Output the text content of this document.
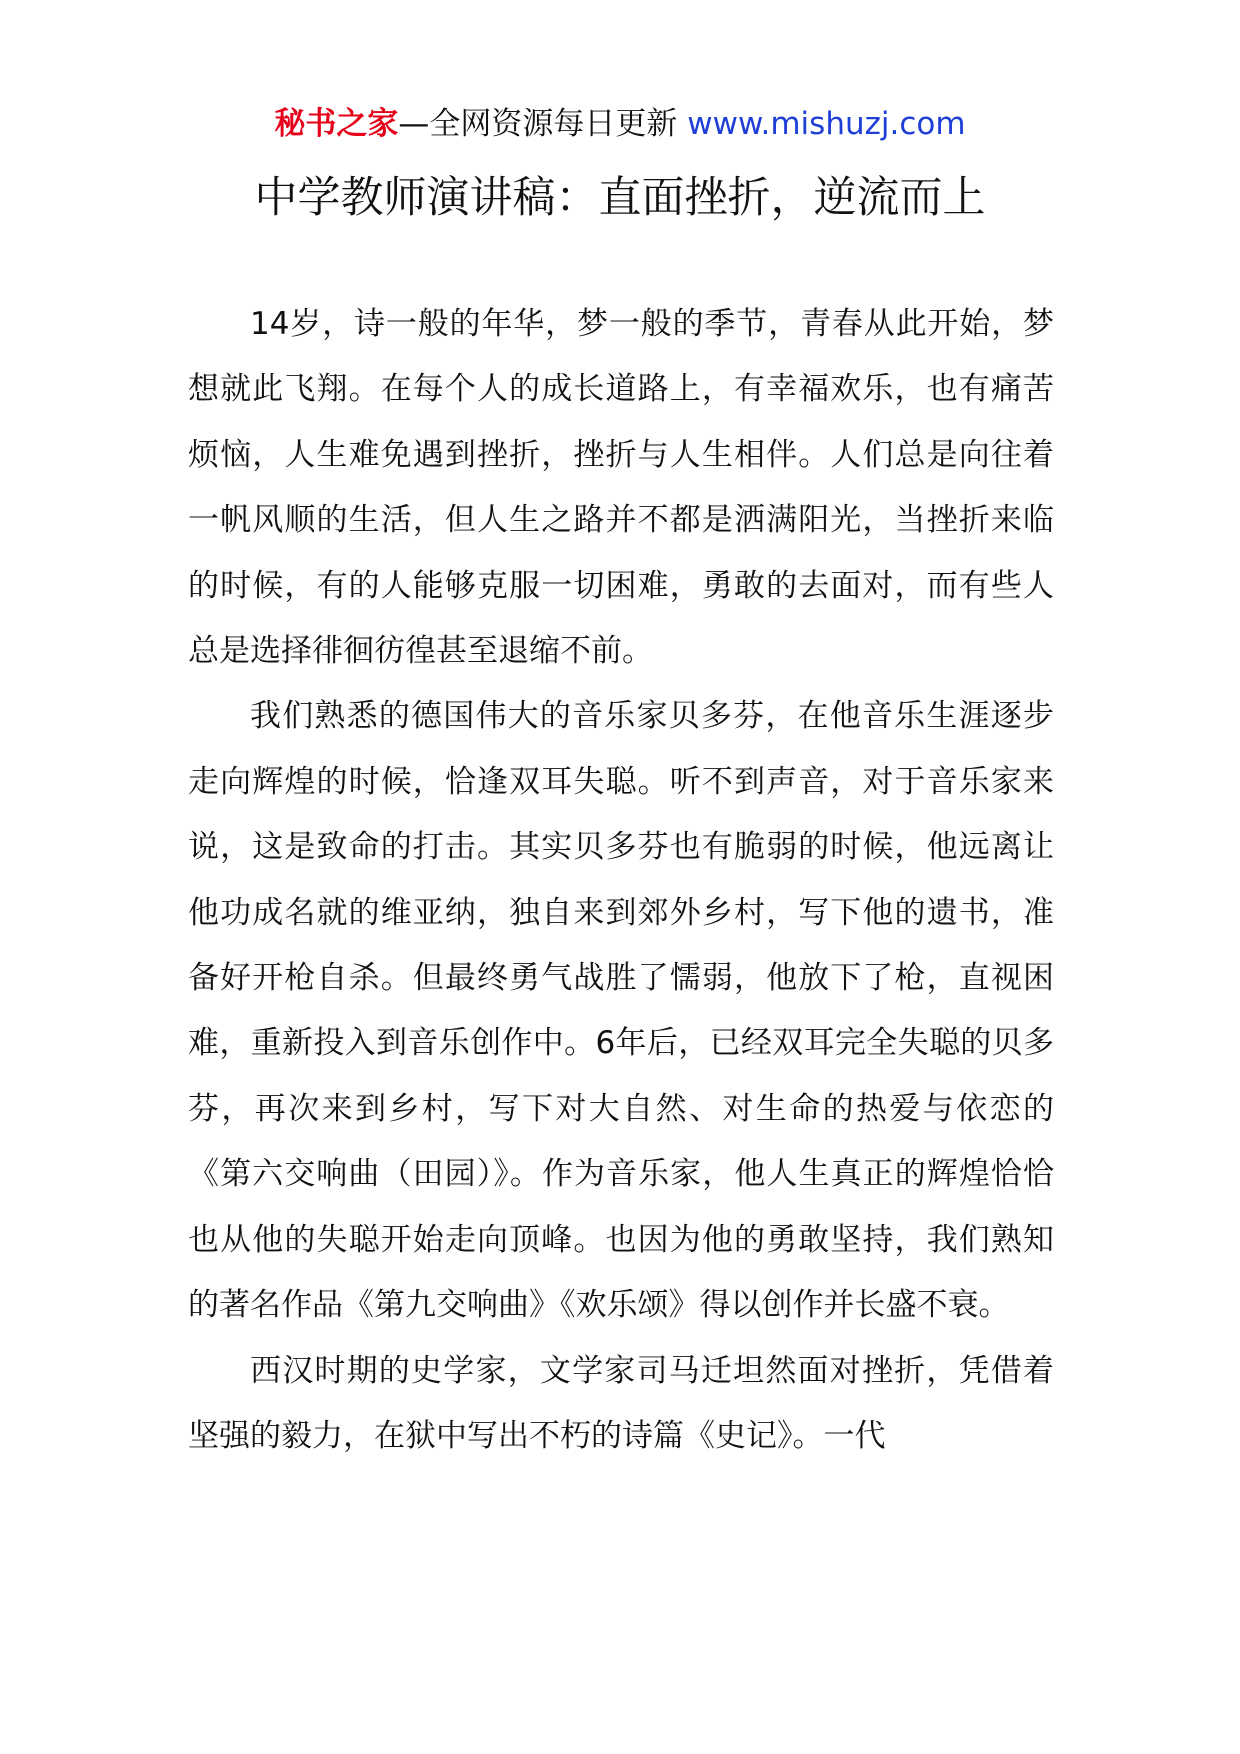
秘书之家—全网资源每日更新 www.mishuzj.com
中学教师演讲稿：直面挫折，逆流而上

14岁，诗一般的年华，梦一般的季节，青春从此开始，梦想就此飞翔。在每个人的成长道路上，有幸福欢乐，也有痛苦烦恼，人生难免遇到挫折，挫折与人生相伴。人们总是向往着一帆风顺的生活，但人生之路并不都是洒满阳光，当挫折来临的时候，有的人能够克服一切困难，勇敢的去面对，而有些人总是选择徘徊彷徨甚至退缩不前。

我们熟悉的德国伟大的音乐家贝多芬，在他音乐生涯逐步走向辉煌的时候，恰逢双耳失聪。听不到声音，对于音乐家来说，这是致命的打击。其实贝多芬也有脆弱的时候，他远离让他功成名就的维亚纳，独自来到郊外乡村，写下他的遗书，准备好开枪自杀。但最终勇气战胜了懦弱，他放下了枪，直视困难，重新投入到音乐创作中。6年后，已经双耳完全失聪的贝多芬，再次来到乡村，写下对大自然、对生命的热爱与依恋的《第六交响曲（田园）》。作为音乐家，他人生真正的辉煌恰恰也从他的失聪开始走向顶峰。也因为他的勇敢坚持，我们熟知的著名作品《第九交响曲》《欢乐颂》得以创作并长盛不衰。

西汉时期的史学家，文学家司马迁坦然面对挫折，凭借着坚强的毅力，在狱中写出不朽的诗篇《史记》。一代
